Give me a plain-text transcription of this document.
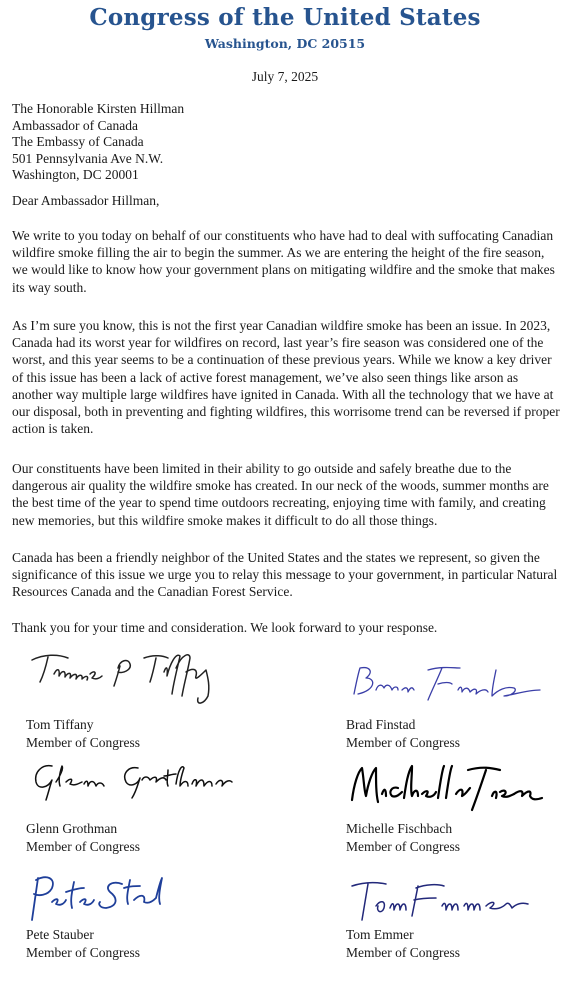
Congress of the United States
Washington, DC 20515
July 7, 2025
The Honorable Kirsten Hillman
Ambassador of Canada
The Embassy of Canada
501 Pennsylvania Ave N.W.
Washington, DC 20001
Dear Ambassador Hillman,

We write to you today on behalf of our constituents who have had to deal with suffocating Canadian wildfire smoke filling the air to begin the summer. As we are entering the height of the fire season, we would like to know how your government plans on mitigating wildfire and the smoke that makes its way south.

As I’m sure you know, this is not the first year Canadian wildfire smoke has been an issue. In 2023, Canada had its worst year for wildfires on record, last year’s fire season was considered one of the worst, and this year seems to be a continuation of these previous years. While we know a key driver of this issue has been a lack of active forest management, we’ve also seen things like arson as another way multiple large wildfires have ignited in Canada. With all the technology that we have at our disposal, both in preventing and fighting wildfires, this worrisome trend can be reversed if proper action is taken.

Our constituents have been limited in their ability to go outside and safely breathe due to the dangerous air quality the wildfire smoke has created. In our neck of the woods, summer months are the best time of the year to spend time outdoors recreating, enjoying time with family, and creating new memories, but this wildfire smoke makes it difficult to do all those things.

Canada has been a friendly neighbor of the United States and the states we represent, so given the significance of this issue we urge you to relay this message to your government, in particular Natural Resources Canada and the Canadian Forest Service.

Thank you for your time and consideration. We look forward to your response.
Tom Tiffany
Member of Congress
Brad Finstad
Member of Congress
Glenn Grothman
Member of Congress
Michelle Fischbach
Member of Congress
Pete Stauber
Member of Congress
Tom Emmer
Member of Congress
